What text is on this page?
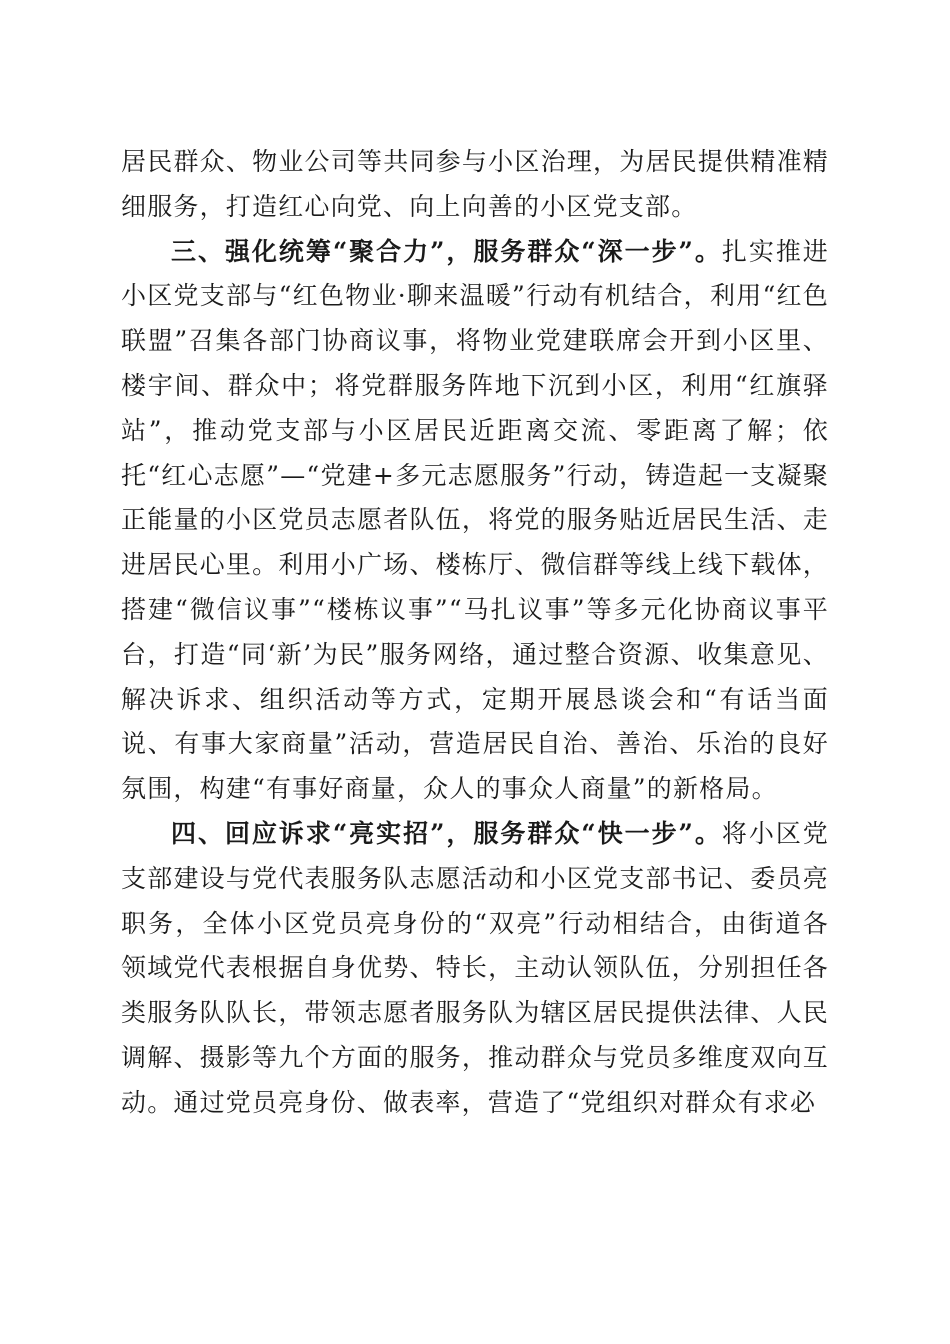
居民群众、物业公司等共同参与小区治理，为居民提供精准精细服务，打造红心向党、向上向善的小区党支部。

三、强化统筹“聚合力”，服务群众“深一步”。扎实推进小区党支部与“红色物业·聊来温暖”行动有机结合，利用“红色联盟”召集各部门协商议事，将物业党建联席会开到小区里、楼宇间、群众中；将党群服务阵地下沉到小区，利用“红旗驿站”，推动党支部与小区居民近距离交流、零距离了解；依托“红心志愿”—“党建+多元志愿服务”行动，铸造起一支凝聚正能量的小区党员志愿者队伍，将党的服务贴近居民生活、走进居民心里。利用小广场、楼栋厅、微信群等线上线下载体，搭建“微信议事”“楼栋议事”“马扎议事”等多元化协商议事平台，打造“同‘新’为民”服务网络，通过整合资源、收集意见、解决诉求、组织活动等方式，定期开展恳谈会和“有话当面说、有事大家商量”活动，营造居民自治、善治、乐治的良好氛围，构建“有事好商量，众人的事众人商量”的新格局。

四、回应诉求“亮实招”，服务群众“快一步”。将小区党支部建设与党代表服务队志愿活动和小区党支部书记、委员亮职务，全体小区党员亮身份的“双亮”行动相结合，由街道各领域党代表根据自身优势、特长，主动认领队伍，分别担任各类服务队队长，带领志愿者服务队为辖区居民提供法律、人民调解、摄影等九个方面的服务，推动群众与党员多维度双向互动。通过党员亮身份、做表率，营造了“党组织对群众有求必
